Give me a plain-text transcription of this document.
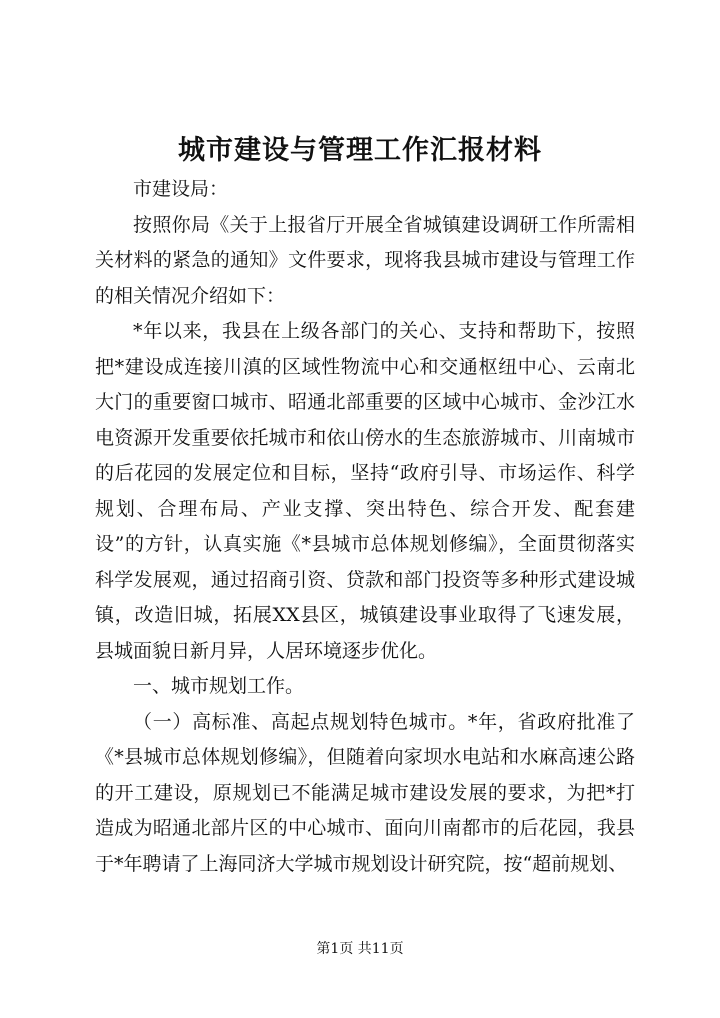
城市建设与管理工作汇报材料

市建设局：

按照你局《关于上报省厅开展全省城镇建设调研工作所需相关材料的紧急的通知》文件要求，现将我县城市建设与管理工作的相关情况介绍如下：

*年以来，我县在上级各部门的关心、支持和帮助下，按照把*建设成连接川滇的区域性物流中心和交通枢纽中心、云南北大门的重要窗口城市、昭通北部重要的区域中心城市、金沙江水电资源开发重要依托城市和依山傍水的生态旅游城市、川南城市的后花园的发展定位和目标，坚持“政府引导、市场运作、科学规划、合理布局、产业支撑、突出特色、综合开发、配套建设”的方针，认真实施《*县城市总体规划修编》，全面贯彻落实科学发展观，通过招商引资、贷款和部门投资等多种形式建设城镇，改造旧城，拓展XX县区，城镇建设事业取得了飞速发展，县城面貌日新月异，人居环境逐步优化。

一、城市规划工作。

（一）高标准、高起点规划特色城市。*年，省政府批准了《*县城市总体规划修编》，但随着向家坝水电站和水麻高速公路的开工建设，原规划已不能满足城市建设发展的要求，为把*打造成为昭通北部片区的中心城市、面向川南都市的后花园，我县于*年聘请了上海同济大学城市规划设计研究院，按“超前规划、

第1页 共11页
